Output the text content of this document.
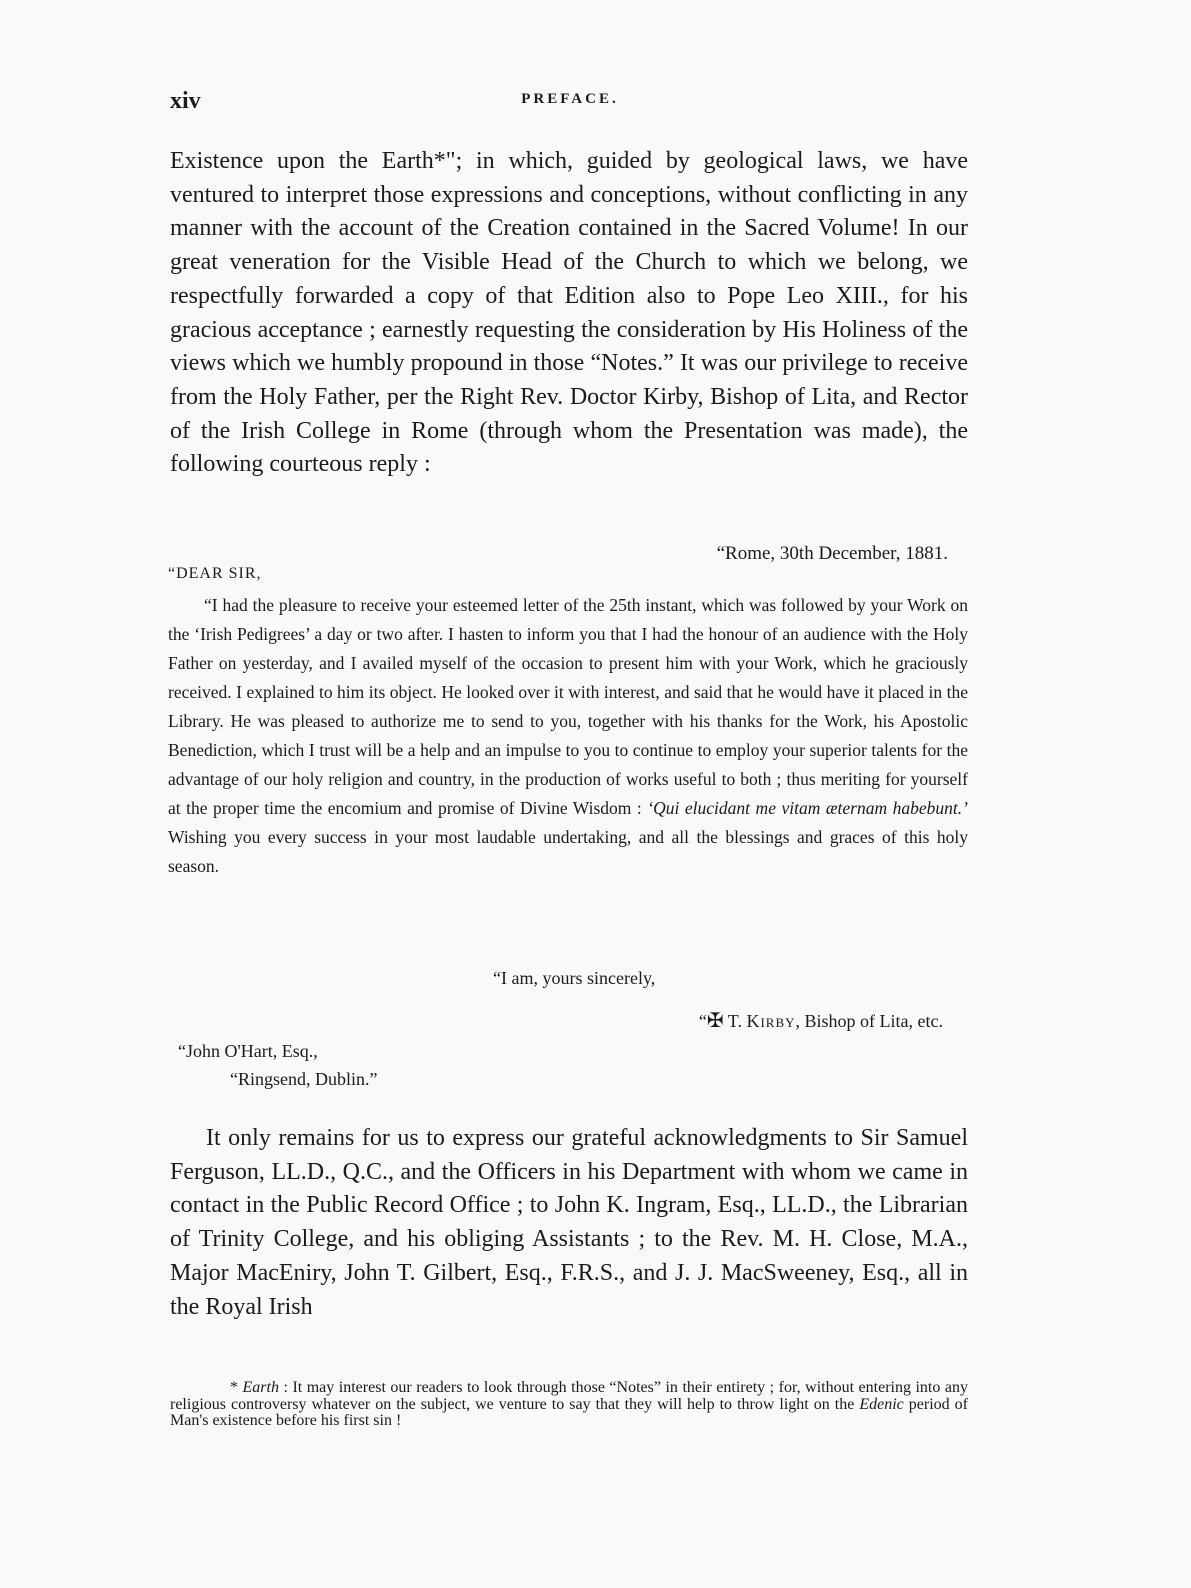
xiv	PREFACE.
Existence upon the Earth*"; in which, guided by geological laws, we have ventured to interpret those expressions and conceptions, without conflicting in any manner with the account of the Creation contained in the Sacred Volume! In our great veneration for the Visible Head of the Church to which we belong, we respectfully forwarded a copy of that Edition also to Pope Leo XIII., for his gracious acceptance ; earnestly requesting the consideration by His Holiness of the views which we humbly propound in those “Notes.” It was our privilege to receive from the Holy Father, per the Right Rev. Doctor Kirby, Bishop of Lita, and Rector of the Irish College in Rome (through whom the Presentation was made), the following courteous reply :
“Rome, 30th December, 1881.
“DEAR SIR,
“I had the pleasure to receive your esteemed letter of the 25th instant, which was followed by your Work on the ‘Irish Pedigrees’ a day or two after. I hasten to inform you that I had the honour of an audience with the Holy Father on yesterday, and I availed myself of the occasion to present him with your Work, which he graciously received. I explained to him its object. He looked over it with interest, and said that he would have it placed in the Library. He was pleased to authorize me to send to you, together with his thanks for the Work, his Apostolic Benediction, which I trust will be a help and an impulse to you to continue to employ your superior talents for the advantage of our holy religion and country, in the production of works useful to both ; thus meriting for yourself at the proper time the encomium and promise of Divine Wisdom : ‘Qui elucidant me vitam æternam habebunt.’ Wishing you every success in your most laudable undertaking, and all the blessings and graces of this holy season.
“I am, yours sincerely,
“✠ T. Kirby, Bishop of Lita, etc.
“John O'Hart, Esq.,
“Ringsend, Dublin.”
It only remains for us to express our grateful acknowledgments to Sir Samuel Ferguson, LL.D., Q.C., and the Officers in his Department with whom we came in contact in the Public Record Office ; to John K. Ingram, Esq., LL.D., the Librarian of Trinity College, and his obliging Assistants ; to the Rev. M. H. Close, M.A., Major MacEniry, John T. Gilbert, Esq., F.R.S., and J. J. MacSweeney, Esq., all in the Royal Irish
* Earth : It may interest our readers to look through those “Notes” in their entirety ; for, without entering into any religious controversy whatever on the subject, we venture to say that they will help to throw light on the Edenic period of Man's existence before his first sin !
